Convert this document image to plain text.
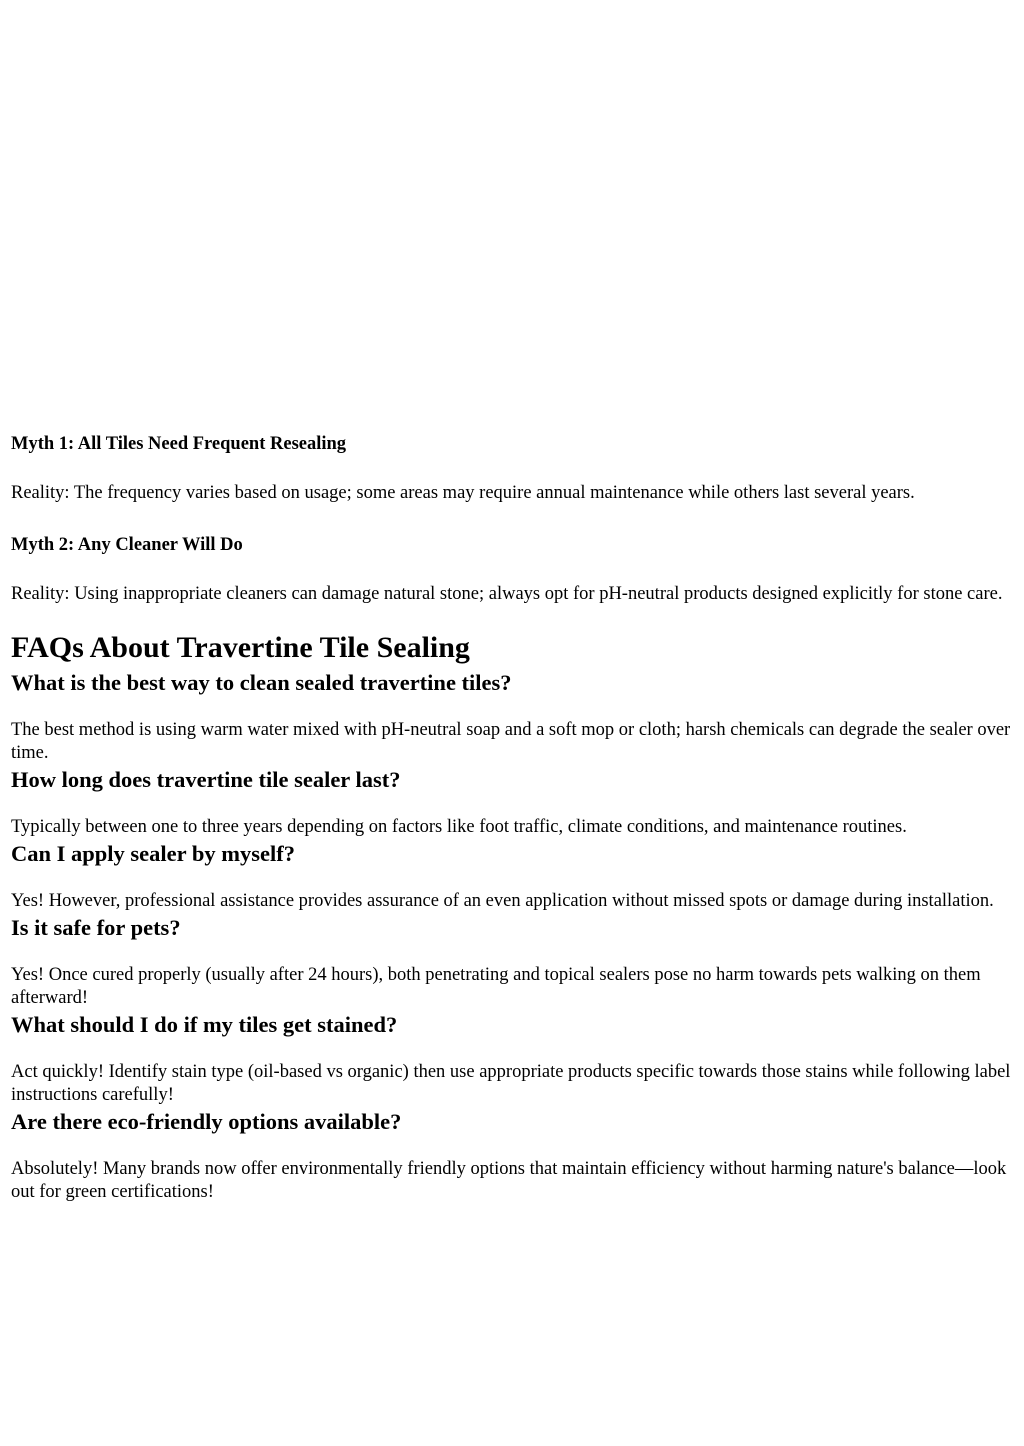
Myth 1: All Tiles Need Frequent Resealing

Reality: The frequency varies based on usage; some areas may require annual maintenance while others last several years.

Myth 2: Any Cleaner Will Do

Reality: Using inappropriate cleaners can damage natural stone; always opt for pH-neutral products designed explicitly for stone care.

FAQs About Travertine Tile Sealing
What is the best way to clean sealed travertine tiles?

The best method is using warm water mixed with pH-neutral soap and a soft mop or cloth; harsh chemicals can degrade the sealer over time.

How long does travertine tile sealer last?

Typically between one to three years depending on factors like foot traffic, climate conditions, and maintenance routines.

Can I apply sealer by myself?

Yes! However, professional assistance provides assurance of an even application without missed spots or damage during installation.

Is it safe for pets?

Yes! Once cured properly (usually after 24 hours), both penetrating and topical sealers pose no harm towards pets walking on them afterward!

What should I do if my tiles get stained?

Act quickly! Identify stain type (oil-based vs organic) then use appropriate products specific towards those stains while following label instructions carefully!

Are there eco-friendly options available?

Absolutely! Many brands now offer environmentally friendly options that maintain efficiency without harming nature's balance—look out for green certifications!
